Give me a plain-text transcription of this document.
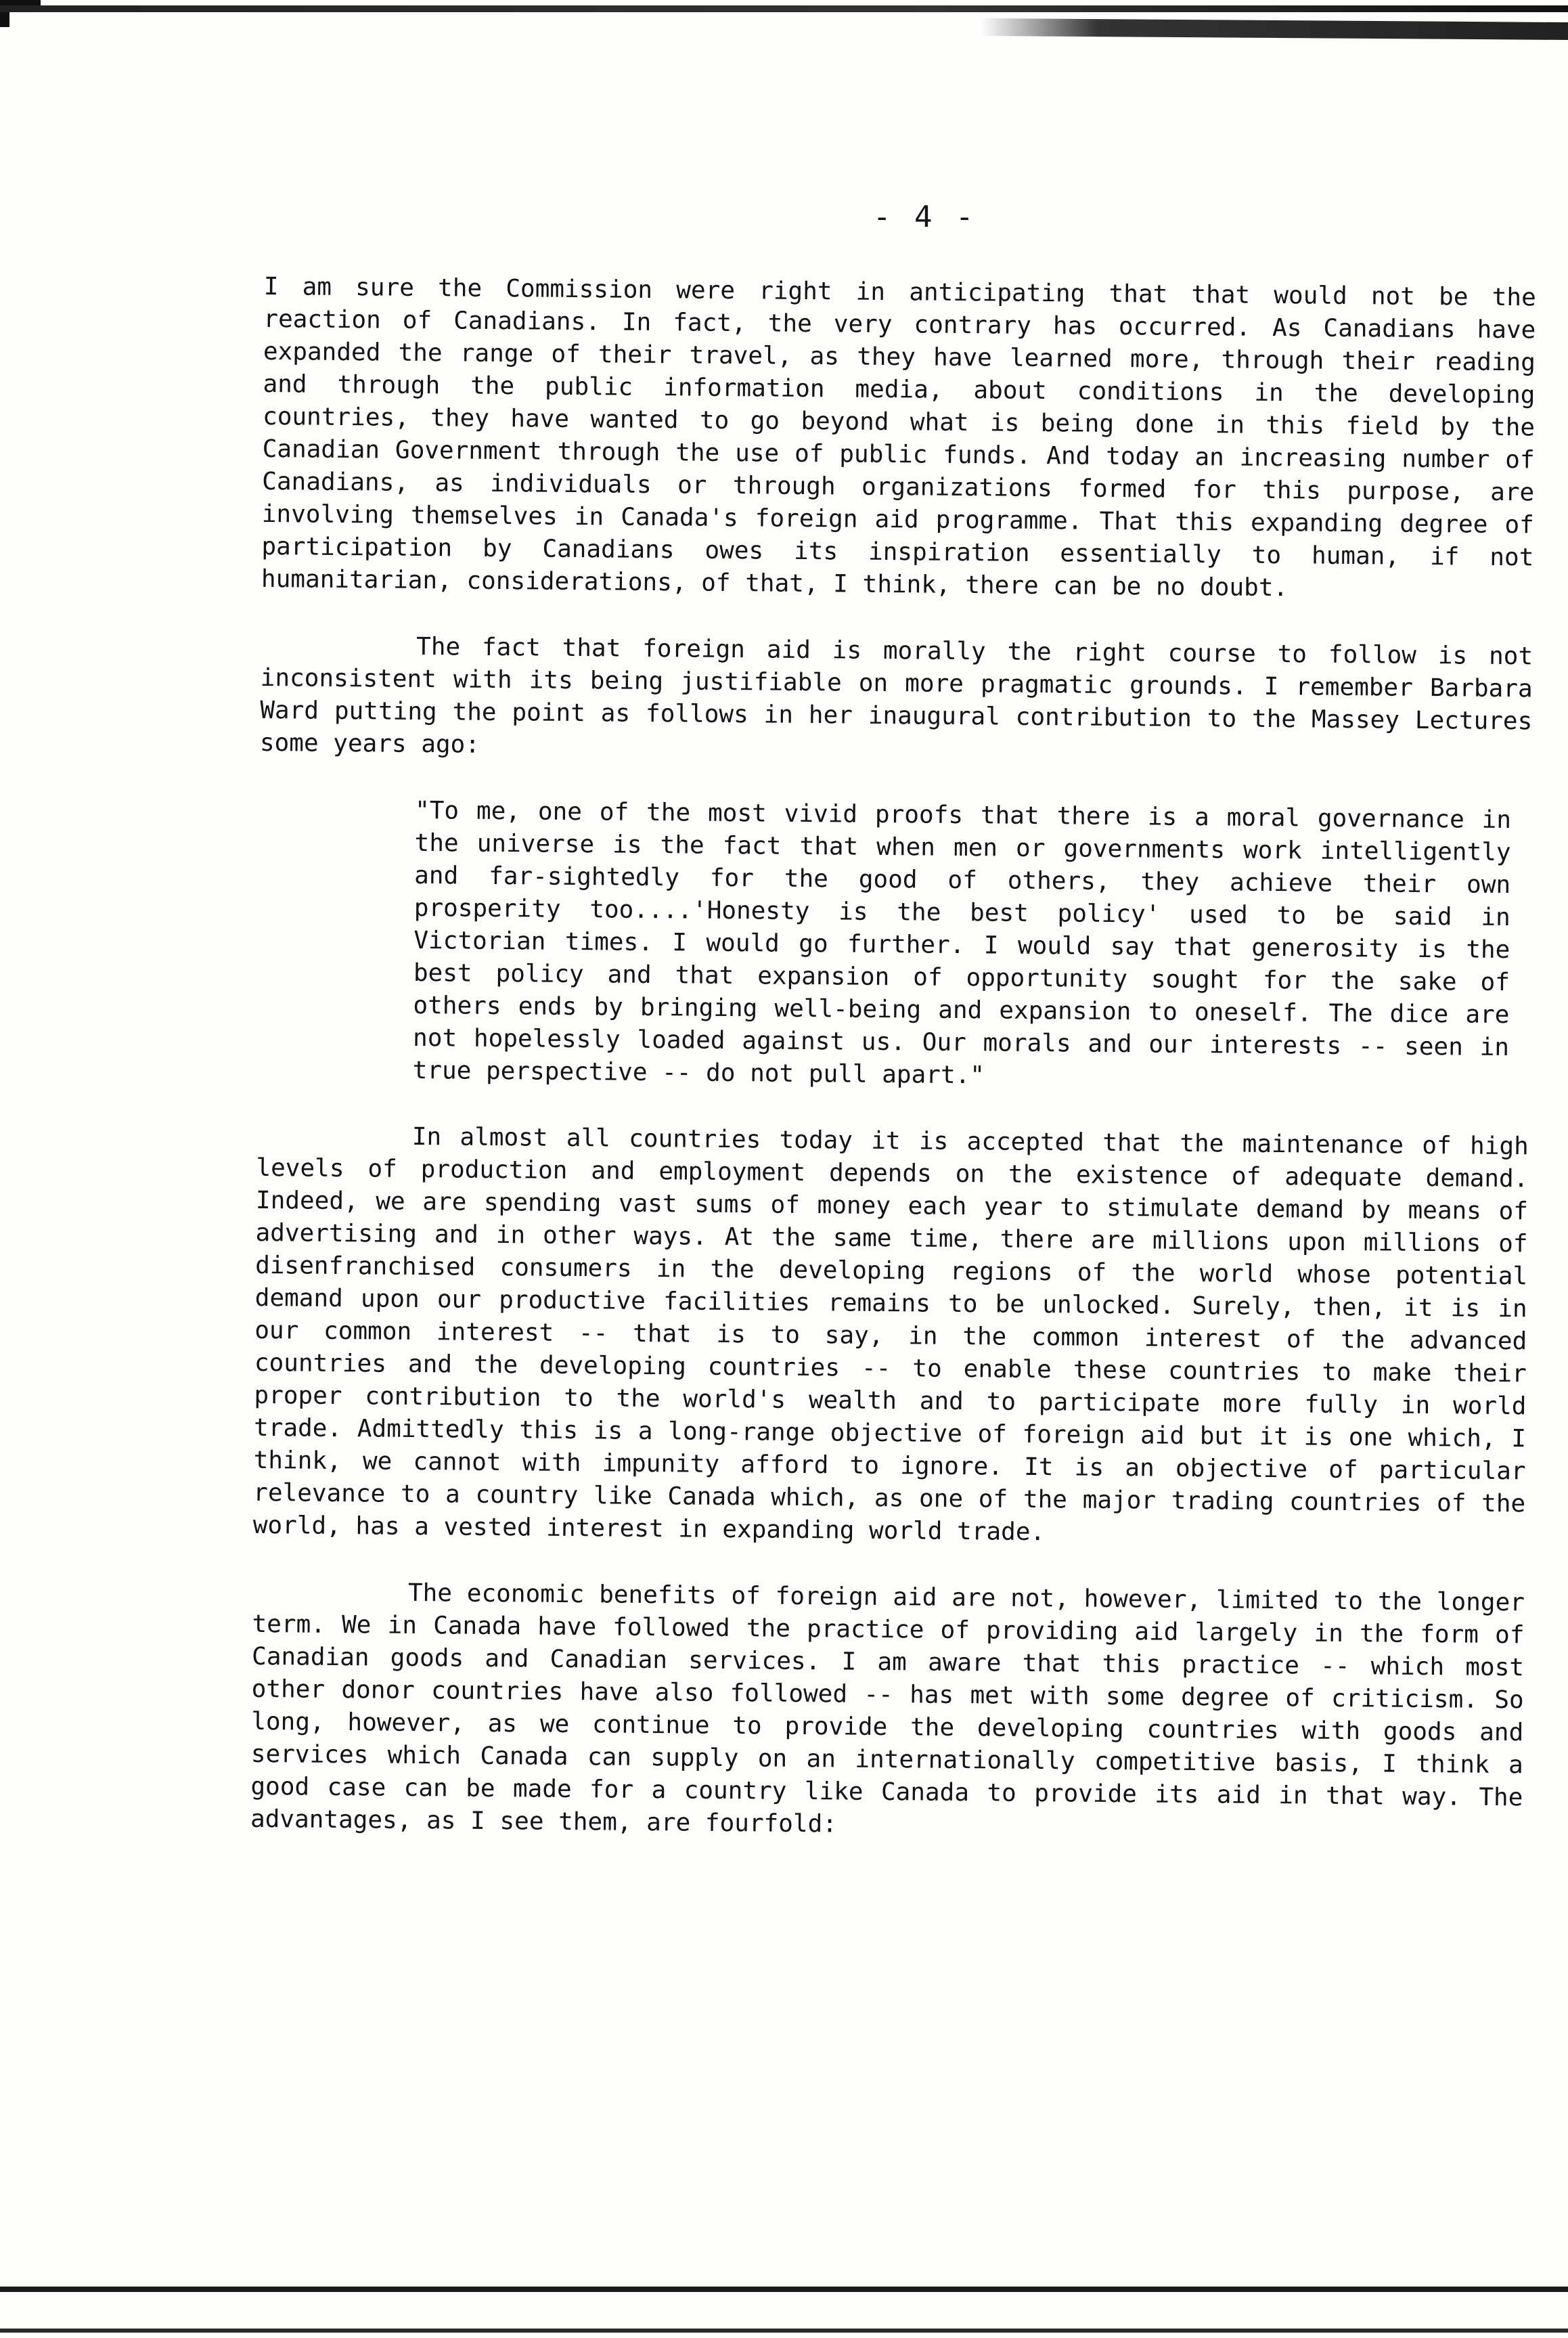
- 4 -

I am sure the Commission were right in anticipating that that would not be the reaction of Canadians. In fact, the very contrary has occurred. As Canadians have expanded the range of their travel, as they have learned more, through their reading and through the public information media, about conditions in the developing countries, they have wanted to go beyond what is being done in this field by the Canadian Government through the use of public funds. And today an increasing number of Canadians, as individuals or through organizations formed for this purpose, are involving themselves in Canada's foreign aid programme. That this expanding degree of participation by Canadians owes its inspiration essentially to human, if not humanitarian, considerations, of that, I think, there can be no doubt.

The fact that foreign aid is morally the right course to follow is not inconsistent with its being justifiable on more pragmatic grounds. I remember Barbara Ward putting the point as follows in her inaugural contribution to the Massey Lectures some years ago:

"To me, one of the most vivid proofs that there is a moral governance in the universe is the fact that when men or governments work intelligently and far-sightedly for the good of others, they achieve their own prosperity too....'Honesty is the best policy' used to be said in Victorian times. I would go further. I would say that generosity is the best policy and that expansion of opportunity sought for the sake of others ends by bringing well-being and expansion to oneself. The dice are not hopelessly loaded against us. Our morals and our interests -- seen in true perspective -- do not pull apart."

In almost all countries today it is accepted that the maintenance of high levels of production and employment depends on the existence of adequate demand. Indeed, we are spending vast sums of money each year to stimulate demand by means of advertising and in other ways. At the same time, there are millions upon millions of disenfranchised consumers in the developing regions of the world whose potential demand upon our productive facilities remains to be unlocked. Surely, then, it is in our common interest -- that is to say, in the common interest of the advanced countries and the developing countries -- to enable these countries to make their proper contribution to the world's wealth and to participate more fully in world trade. Admittedly this is a long-range objective of foreign aid but it is one which, I think, we cannot with impunity afford to ignore. It is an objective of particular relevance to a country like Canada which, as one of the major trading countries of the world, has a vested interest in expanding world trade.

The economic benefits of foreign aid are not, however, limited to the longer term. We in Canada have followed the practice of providing aid largely in the form of Canadian goods and Canadian services. I am aware that this practice -- which most other donor countries have also followed -- has met with some degree of criticism. So long, however, as we continue to provide the developing countries with goods and services which Canada can supply on an internationally competitive basis, I think a good case can be made for a country like Canada to provide its aid in that way. The advantages, as I see them, are fourfold:
